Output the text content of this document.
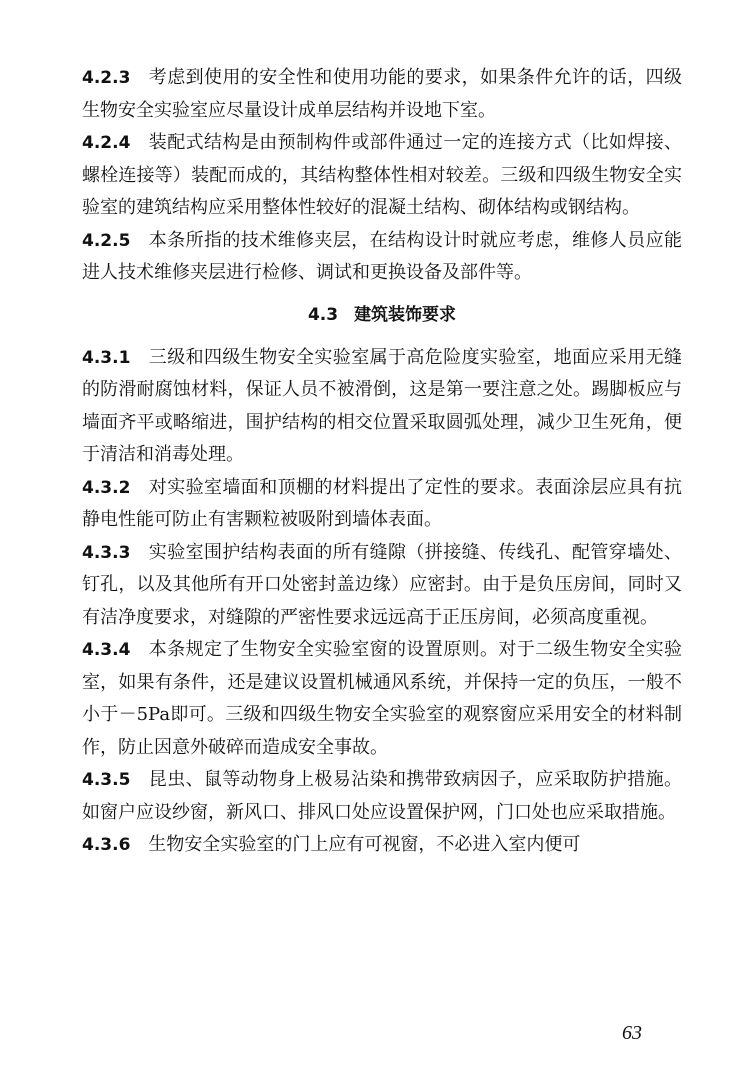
4.2.3 考虑到使用的安全性和使用功能的要求，如果条件允许的话，四级生物安全实验室应尽量设计成单层结构并设地下室。

4.2.4 装配式结构是由预制构件或部件通过一定的连接方式（比如焊接、螺栓连接等）装配而成的，其结构整体性相对较差。三级和四级生物安全实验室的建筑结构应采用整体性较好的混凝土结构、砌体结构或钢结构。

4.2.5 本条所指的技术维修夹层，在结构设计时就应考虑，维修人员应能进人技术维修夹层进行检修、调试和更换设备及部件等。

4.3 建筑装饰要求

4.3.1 三级和四级生物安全实验室属于高危险度实验室，地面应采用无缝的防滑耐腐蚀材料，保证人员不被滑倒，这是第一要注意之处。踢脚板应与墙面齐平或略缩进，围护结构的相交位置采取圆弧处理，减少卫生死角，便于清洁和消毒处理。

4.3.2 对实验室墙面和顶棚的材料提出了定性的要求。表面涂层应具有抗静电性能可防止有害颗粒被吸附到墙体表面。

4.3.3 实验室围护结构表面的所有缝隙（拼接缝、传线孔、配管穿墙处、钉孔，以及其他所有开口处密封盖边缘）应密封。由于是负压房间，同时又有洁净度要求，对缝隙的严密性要求远远高于正压房间，必须高度重视。

4.3.4 本条规定了生物安全实验室窗的设置原则。对于二级生物安全实验室，如果有条件，还是建议设置机械通风系统，并保持一定的负压，一般不小于－5Pa即可。三级和四级生物安全实验室的观察窗应采用安全的材料制作，防止因意外破碎而造成安全事故。

4.3.5 昆虫、鼠等动物身上极易沾染和携带致病因子，应采取防护措施。如窗户应设纱窗，新风口、排风口处应设置保护网，门口处也应采取措施。

4.3.6 生物安全实验室的门上应有可视窗，不必进入室内便可

63
